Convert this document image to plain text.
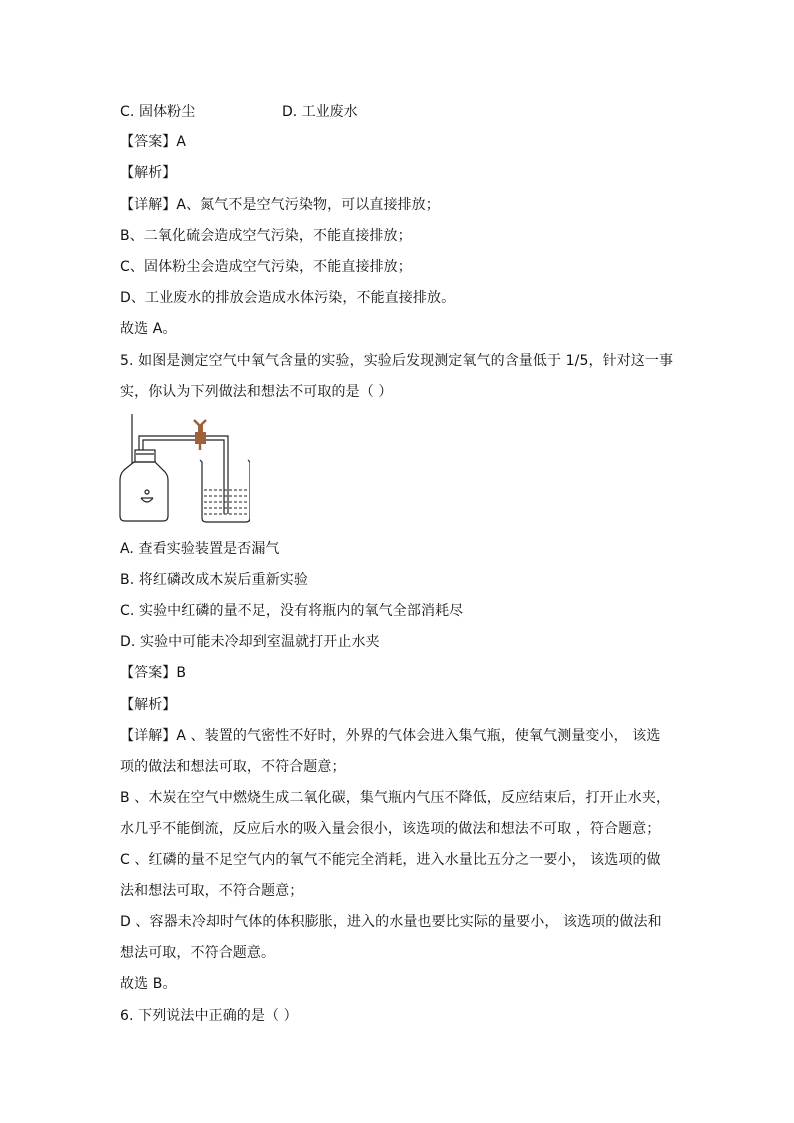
C. 固体粉尘	D. 工业废水
【答案】A
【解析】
【详解】A、氮气不是空气污染物，可以直接排放；
B、二氧化硫会造成空气污染，不能直接排放；
C、固体粉尘会造成空气污染，不能直接排放；
D、工业废水的排放会造成水体污染，不能直接排放。
故选 A。
5. 如图是测定空气中氧气含量的实验，实验后发现测定氧气的含量低于 1/5，针对这一事
实，你认为下列做法和想法不可取的是（ ）
A. 查看实验装置是否漏气
B. 将红磷改成木炭后重新实验
C. 实验中红磷的量不足，没有将瓶内的氧气全部消耗尽
D. 实验中可能未冷却到室温就打开止水夹
【答案】B
【解析】
【详解】A 、装置的气密性不好时，外界的气体会进入集气瓶，使氧气测量变小， 该选
项的做法和想法可取，不符合题意；
B 、木炭在空气中燃烧生成二氧化碳，集气瓶内气压不降低，反应结束后，打开止水夹，
水几乎不能倒流，反应后水的吸入量会很小，该选项的做法和想法不可取 ，符合题意；
C 、红磷的量不足空气内的氧气不能完全消耗，进入水量比五分之一要小， 该选项的做
法和想法可取，不符合题意；
D 、容器未冷却时气体的体积膨胀，进入的水量也要比实际的量要小， 该选项的做法和
想法可取，不符合题意。
故选 B。
6. 下列说法中正确的是（ ）
